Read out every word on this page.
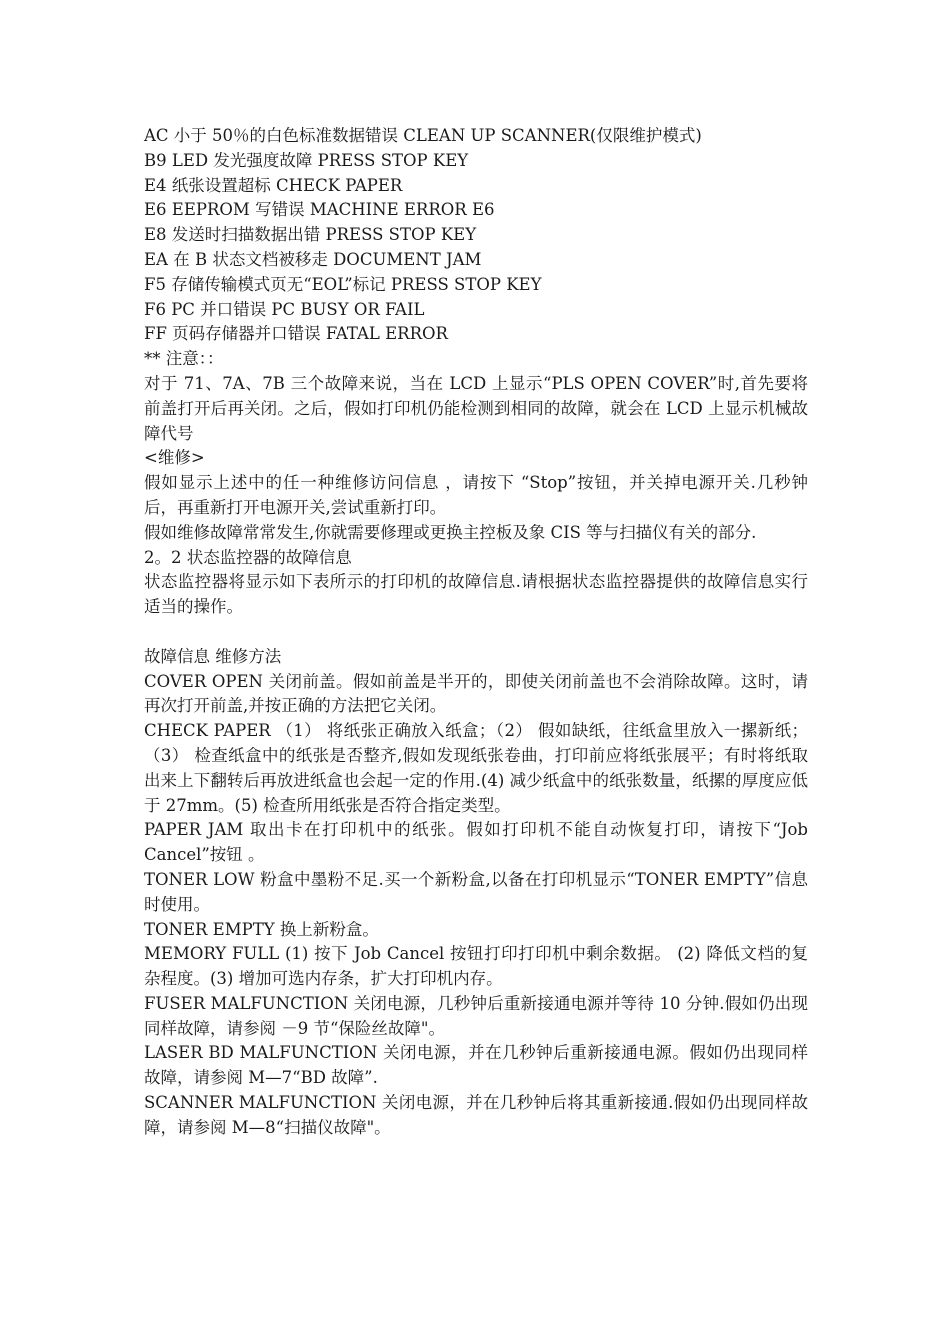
AC 小于 50％的白色标准数据错误 CLEAN UP SCANNER(仅限维护模式)

B9 LED 发光强度故障 PRESS STOP KEY

E4 纸张设置超标 CHECK PAPER

E6 EEPROM 写错误 MACHINE ERROR E6

E8 发送时扫描数据出错 PRESS STOP KEY

EA 在 B 状态文档被移走 DOCUMENT JAM

F5 存储传输模式页无“EOL”标记 PRESS STOP KEY

F6 PC 并口错误 PC BUSY OR FAIL

FF 页码存储器并口错误 FATAL ERROR

** 注意：：

对于 71、7A、7B 三个故障来说，当在 LCD 上显示“PLS OPEN COVER”时,首先要将前盖打开后再关闭。之后，假如打印机仍能检测到相同的故障，就会在 LCD 上显示机械故障代号

<维修>

假如显示上述中的任一种维修访问信息 ，请按下 “Stop”按钮，并关掉电源开关.几秒钟后，再重新打开电源开关,尝试重新打印。

假如维修故障常常发生,你就需要修理或更换主控板及象 CIS 等与扫描仪有关的部分.

2。2 状态监控器的故障信息

状态监控器将显示如下表所示的打印机的故障信息.请根据状态监控器提供的故障信息实行适当的操作。

故障信息 维修方法

COVER OPEN 关闭前盖。假如前盖是半开的，即使关闭前盖也不会消除故障。这时，请再次打开前盖,并按正确的方法把它关闭。

CHECK PAPER （1） 将纸张正确放入纸盒；（2） 假如缺纸，往纸盒里放入一摞新纸；（3） 检查纸盒中的纸张是否整齐,假如发现纸张卷曲，打印前应将纸张展平；有时将纸取出来上下翻转后再放进纸盒也会起一定的作用.(4) 减少纸盒中的纸张数量，纸摞的厚度应低于 27mm。(5) 检查所用纸张是否符合指定类型。

PAPER JAM 取出卡在打印机中的纸张。假如打印机不能自动恢复打印，请按下“Job Cancel”按钮 。

TONER LOW 粉盒中墨粉不足.买一个新粉盒,以备在打印机显示“TONER EMPTY”信息时使用。

TONER EMPTY 换上新粉盒。

MEMORY FULL (1) 按下 Job Cancel 按钮打印打印机中剩余数据。 (2) 降低文档的复杂程度。(3) 增加可选内存条，扩大打印机内存。

FUSER MALFUNCTION 关闭电源，几秒钟后重新接通电源并等待 10 分钟.假如仍出现同样故障，请参阅 －9 节“保险丝故障"。

LASER BD MALFUNCTION 关闭电源，并在几秒钟后重新接通电源。假如仍出现同样故障，请参阅 M—7“BD 故障”.

SCANNER MALFUNCTION 关闭电源，并在几秒钟后将其重新接通.假如仍出现同样故障，请参阅 M—8“扫描仪故障"。
